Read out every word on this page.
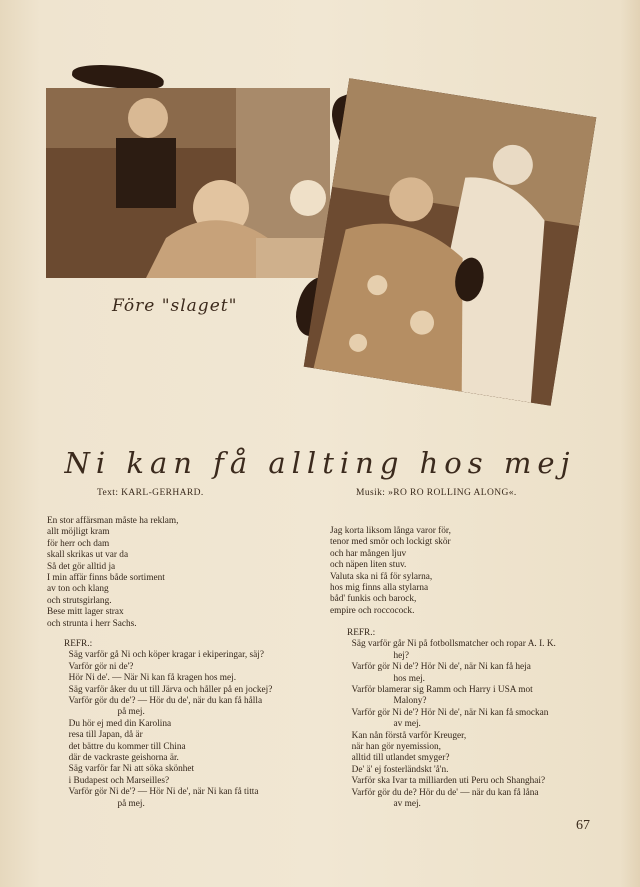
Före "slaget"
Ni kan få allting hos mej
Text: KARL-GERHARD.	Musik: »RO RO ROLLING ALONG«.
En stor affärsman måste ha reklam,
allt möjligt kram
för herr och dam
skall skrikas ut var da
Så det gör alltid ja
I min affär finns både sortiment
av ton och klang
och strutsgirlang.
Bese mitt lager strax
och strunta i herr Sachs.
REFR.:
Säg varför gå Ni och köper kragar i ekiperingar, säj?
Varför gör ni de'?
Hör Ni de'. — När Ni kan få kragen hos mej.
Säg varför åker du ut till Järva och håller på en jockej?
Varför gör du de'? — Hör du de', när du kan få hålla
på mej.
Du hör ej med din Karolina
resa till Japan, då är
det bättre du kommer till China
där de vackraste geishorna är.
Säg varför far Ni att söka skönhet
i Budapest och Marseilles?
Varför gör Ni de'? — Hör Ni de', när Ni kan få titta
på mej.
Jag korta liksom långa varor för,
tenor med smör och lockigt skör
och har mången ljuv
och näpen liten stuv.
Valuta ska ni få för sylarna,
hos mig finns alla stylarna
båd' funkis och barock,
empire och roccocock.
REFR.:
Säg varför går Ni på fotbollsmatcher och ropar A. I. K.
hej?
Varför gör Ni de'? Hör Ni de', när Ni kan få heja
hos mej.
Varför blamerar sig Ramm och Harry i USA mot
Malony?
Varför gör Ni de'? Hör Ni de', när Ni kan få smockan
av mej.
Kan nån förstå varför Kreuger,
när han gör nyemission,
alltid till utlandet smyger?
De' ä' ej fosterländskt 'å'n.
Varför ska Ivar ta milliarden uti Peru och Shanghai?
Varför gör du de? Hör du de' — när du kan få låna
av mej.
67
